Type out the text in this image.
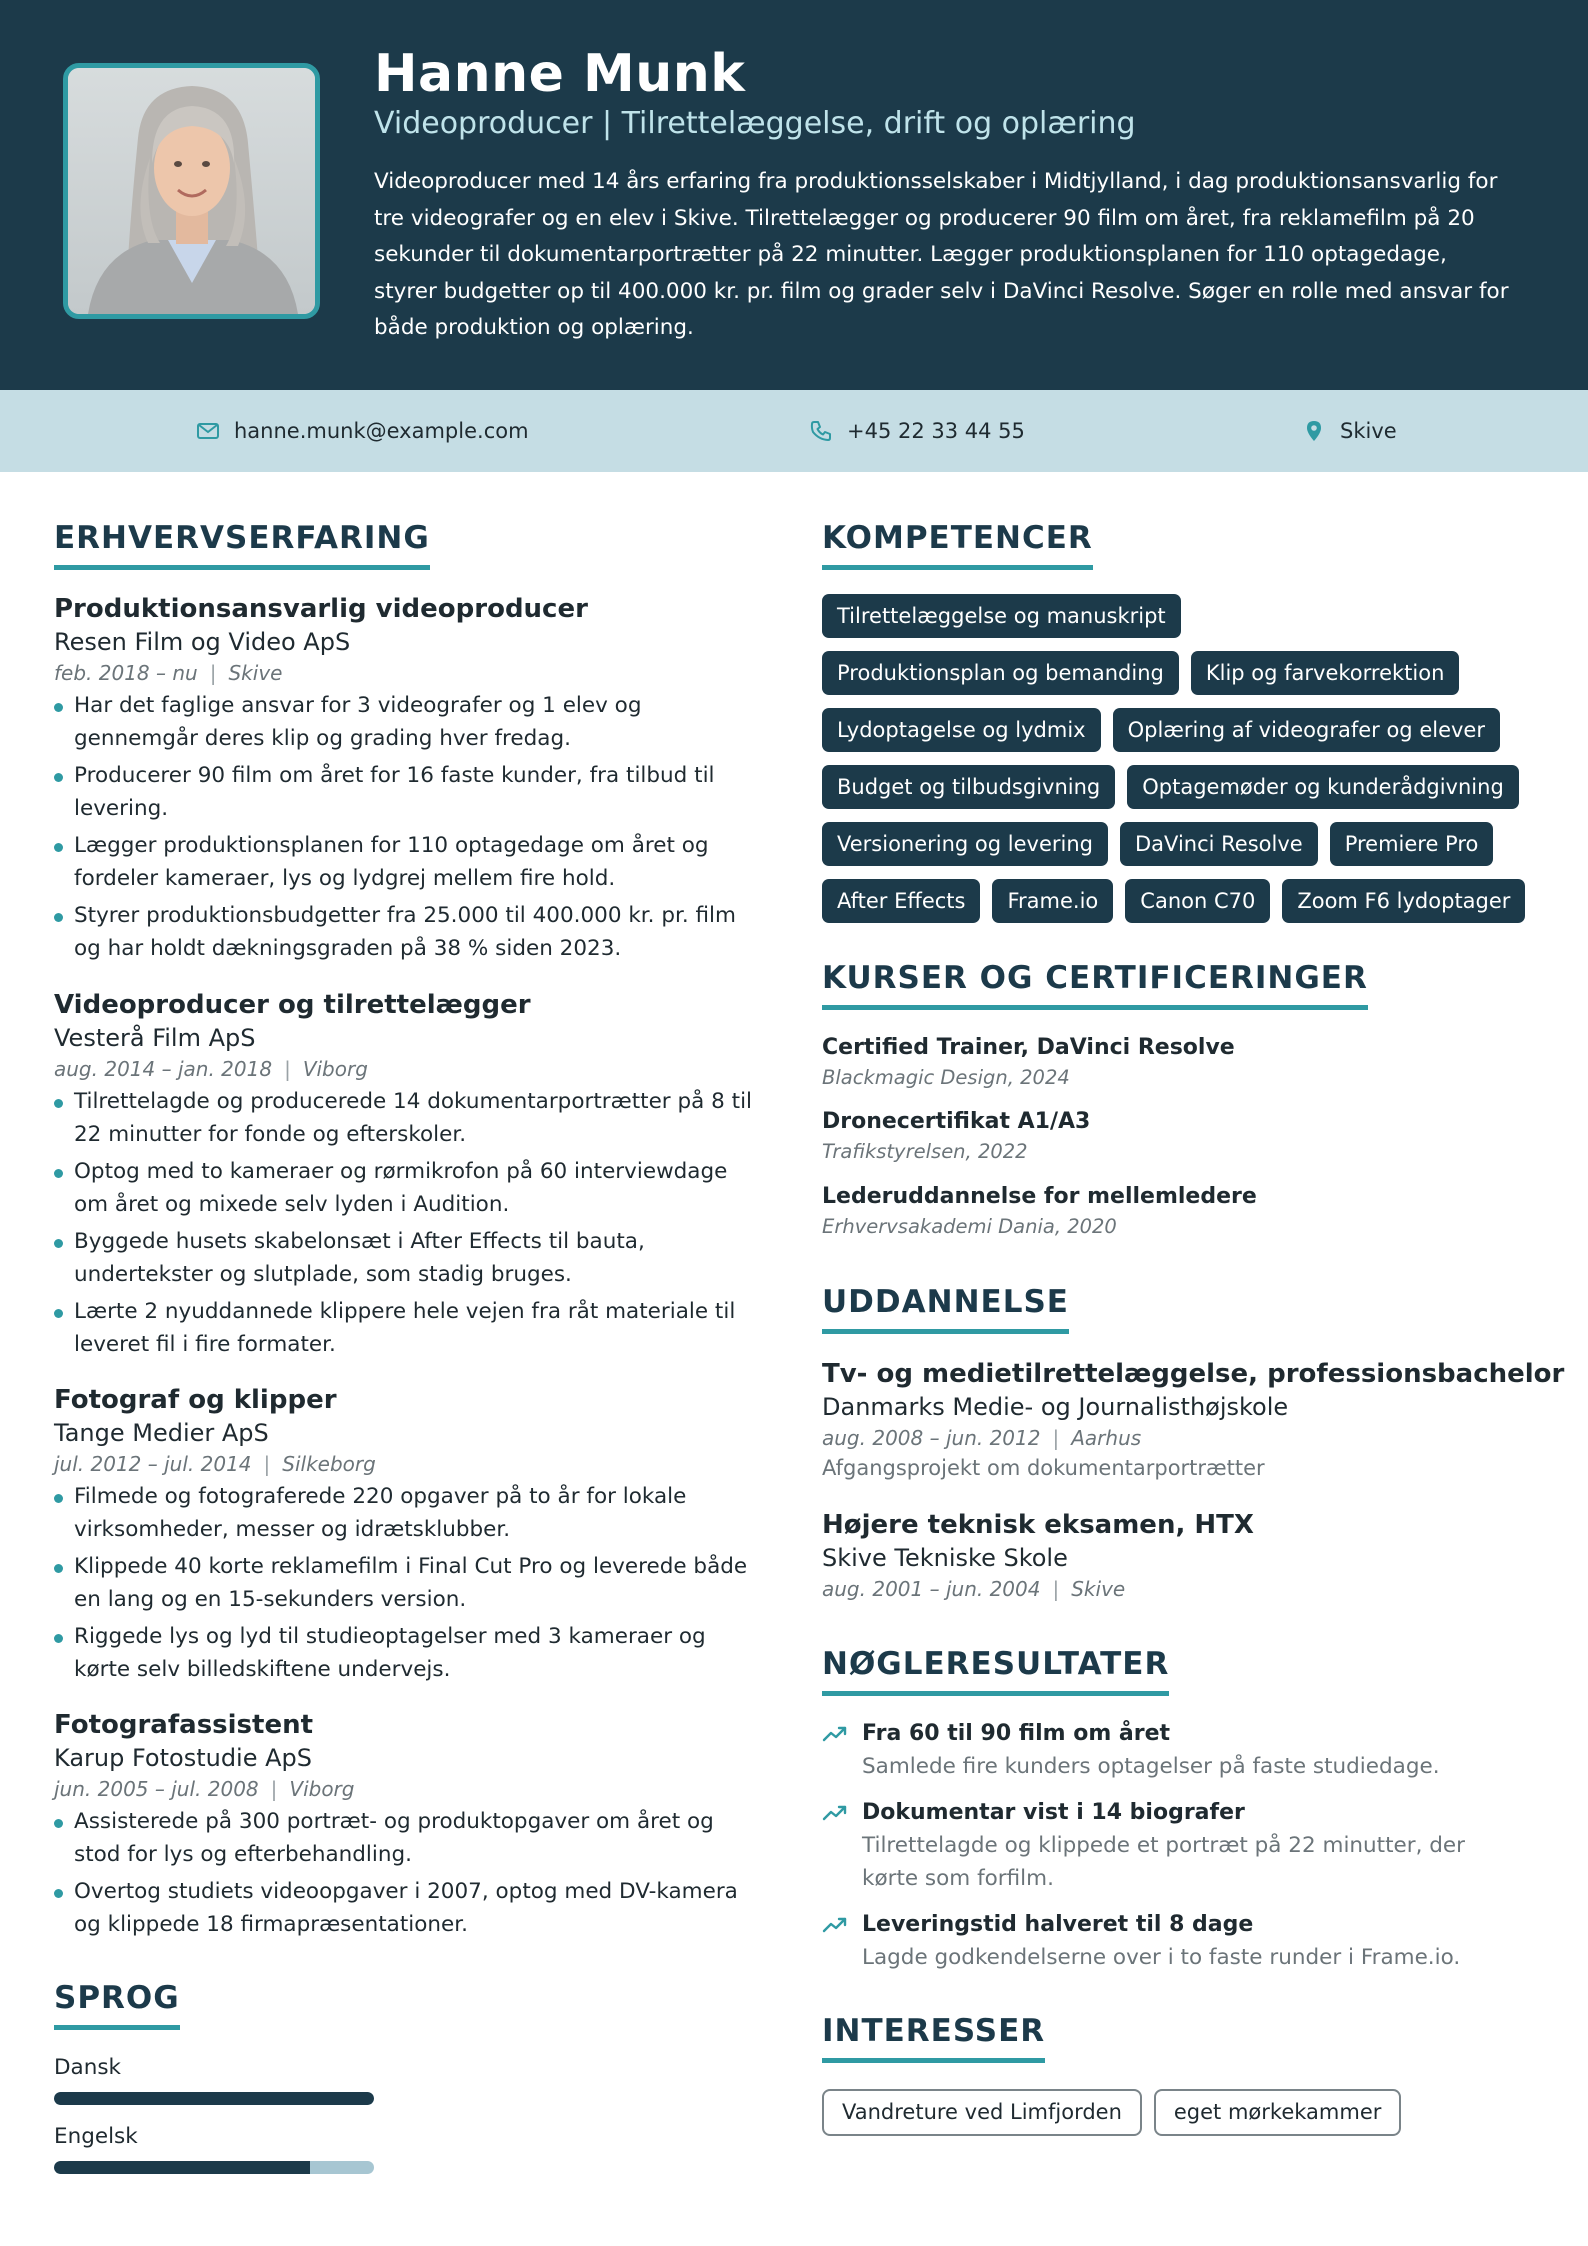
Hanne Munk
Videoproducer | Tilrettelæggelse, drift og oplæring
Videoproducer med 14 års erfaring fra produktionsselskaber i Midtjylland, i dag produktionsansvarlig for tre videografer og en elev i Skive. Tilrettelægger og producerer 90 film om året, fra reklamefilm på 20 sekunder til dokumentarportrætter på 22 minutter. Lægger produktionsplanen for 110 optagedage, styrer budgetter op til 400.000 kr. pr. film og grader selv i DaVinci Resolve. Søger en rolle med ansvar for både produktion og oplæring.
hanne.munk@example.com	+45 22 33 44 55	Skive
ERHVERVSERFARING
Produktionsansvarlig videoproducer
Resen Film og Video ApS
feb. 2018 – nu | Skive
Har det faglige ansvar for 3 videografer og 1 elev og gennemgår deres klip og grading hver fredag.
Producerer 90 film om året for 16 faste kunder, fra tilbud til levering.
Lægger produktionsplanen for 110 optagedage om året og fordeler kameraer, lys og lydgrej mellem fire hold.
Styrer produktionsbudgetter fra 25.000 til 400.000 kr. pr. film og har holdt dækningsgraden på 38 % siden 2023.
Videoproducer og tilrettelægger
Vesterå Film ApS
aug. 2014 – jan. 2018 | Viborg
Tilrettelagde og producerede 14 dokumentarportrætter på 8 til 22 minutter for fonde og efterskoler.
Optog med to kameraer og rørmikrofon på 60 interviewdage om året og mixede selv lyden i Audition.
Byggede husets skabelonsæt i After Effects til bauta, undertekster og slutplade, som stadig bruges.
Lærte 2 nyuddannede klippere hele vejen fra råt materiale til leveret fil i fire formater.
Fotograf og klipper
Tange Medier ApS
jul. 2012 – jul. 2014 | Silkeborg
Filmede og fotograferede 220 opgaver på to år for lokale virksomheder, messer og idrætsklubber.
Klippede 40 korte reklamefilm i Final Cut Pro og leverede både en lang og en 15-sekunders version.
Riggede lys og lyd til studieoptagelser med 3 kameraer og kørte selv billedskiftene undervejs.
Fotografassistent
Karup Fotostudie ApS
jun. 2005 – jul. 2008 | Viborg
Assisterede på 300 portræt- og produktopgaver om året og stod for lys og efterbehandling.
Overtog studiets videoopgaver i 2007, optog med DV-kamera og klippede 18 firmapræsentationer.
SPROG
Dansk
Engelsk
KOMPETENCER
Tilrettelæggelse og manuskript
Produktionsplan og bemanding	Klip og farvekorrektion
Lydoptagelse og lydmix	Oplæring af videografer og elever
Budget og tilbudsgivning	Optagemøder og kunderådgivning
Versionering og levering	DaVinci Resolve	Premiere Pro
After Effects	Frame.io	Canon C70	Zoom F6 lydoptager
KURSER OG CERTIFICERINGER
Certified Trainer, DaVinci Resolve
Blackmagic Design, 2024
Dronecertifikat A1/A3
Trafikstyrelsen, 2022
Lederuddannelse for mellemledere
Erhvervsakademi Dania, 2020
UDDANNELSE
Tv- og medietilrettelæggelse, professionsbachelor
Danmarks Medie- og Journalisthøjskole
aug. 2008 – jun. 2012 | Aarhus
Afgangsprojekt om dokumentarportrætter
Højere teknisk eksamen, HTX
Skive Tekniske Skole
aug. 2001 – jun. 2004 | Skive
NØGLERESULTATER
Fra 60 til 90 film om året
Samlede fire kunders optagelser på faste studiedage.
Dokumentar vist i 14 biografer
Tilrettelagde og klippede et portræt på 22 minutter, der kørte som forfilm.
Leveringstid halveret til 8 dage
Lagde godkendelserne over i to faste runder i Frame.io.
INTERESSER
Vandreture ved Limfjorden	eget mørkekammer
